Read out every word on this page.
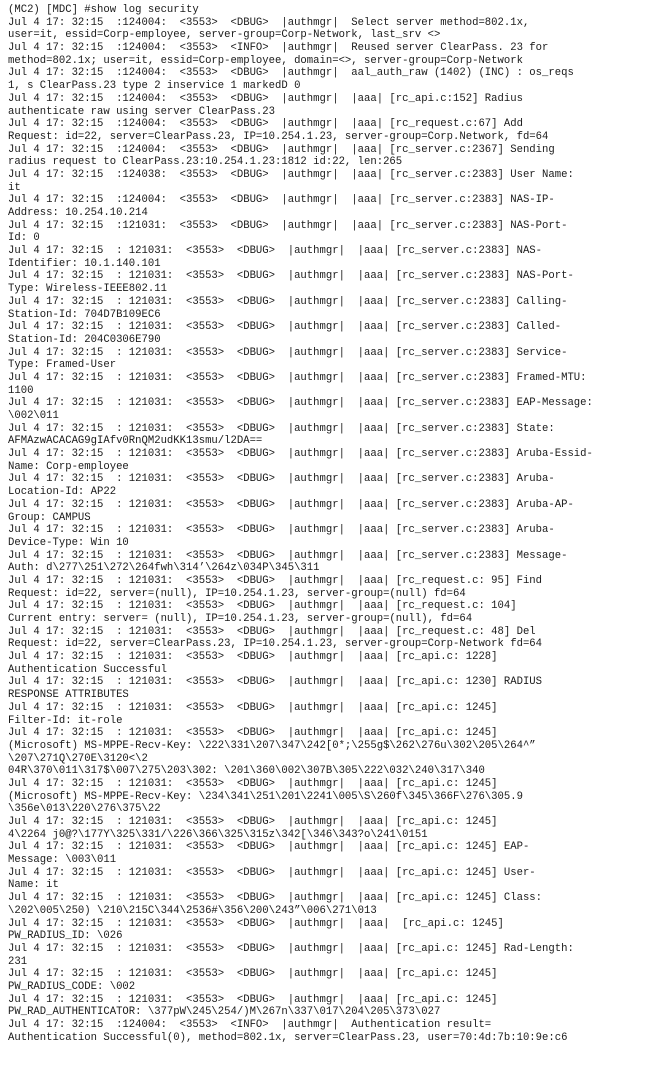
(MC2) [MDC] #show log security
Jul 4 17: 32:15  :124004:  <3553>  <DBUG>  |authmgr|  Select server method=802.1x,
user=it, essid=Corp-employee, server-group=Corp-Network, last_srv <>
Jul 4 17: 32:15  :124004:  <3553>  <INFO>  |authmgr|  Reused server ClearPass. 23 for
method=802.1x; user=it, essid=Corp-employee, domain=<>, server-group=Corp-Network
Jul 4 17: 32:15  :124004:  <3553>  <DBUG>  |authmgr|  aal_auth_raw (1402) (INC) : os_reqs
1, s ClearPass.23 type 2 inservice 1 markedD 0
Jul 4 17: 32:15  :124004:  <3553>  <DBUG>  |authmgr|  |aaa| [rc_api.c:152] Radius
authenticate raw using server ClearPass.23
Jul 4 17: 32:15  :124004:  <3553>  <DBUG>  |authmgr|  |aaa| [rc_request.c:67] Add
Request: id=22, server=ClearPass.23, IP=10.254.1.23, server-group=Corp.Network, fd=64
Jul 4 17: 32:15  :124004:  <3553>  <DBUG>  |authmgr|  |aaa| [rc_server.c:2367] Sending
radius request to ClearPass.23:10.254.1.23:1812 id:22, len:265
Jul 4 17: 32:15  :124038:  <3553>  <DBUG>  |authmgr|  |aaa| [rc_server.c:2383] User Name:
it
Jul 4 17: 32:15  :124004:  <3553>  <DBUG>  |authmgr|  |aaa| [rc_server.c:2383] NAS-IP-
Address: 10.254.10.214
Jul 4 17: 32:15  :121031:  <3553>  <DBUG>  |authmgr|  |aaa| [rc_server.c:2383] NAS-Port-
Id: 0
Jul 4 17: 32:15  : 121031:  <3553>  <DBUG>  |authmgr|  |aaa| [rc_server.c:2383] NAS-
Identifier: 10.1.140.101
Jul 4 17: 32:15  : 121031:  <3553>  <DBUG>  |authmgr|  |aaa| [rc_server.c:2383] NAS-Port-
Type: Wireless-IEEE802.11
Jul 4 17: 32:15  : 121031:  <3553>  <DBUG>  |authmgr|  |aaa| [rc_server.c:2383] Calling-
Station-Id: 704D7B109EC6
Jul 4 17: 32:15  : 121031:  <3553>  <DBUG>  |authmgr|  |aaa| [rc_server.c:2383] Called-
Station-Id: 204C0306E790
Jul 4 17: 32:15  : 121031:  <3553>  <DBUG>  |authmgr|  |aaa| [rc_server.c:2383] Service-
Type: Framed-User
Jul 4 17: 32:15  : 121031:  <3553>  <DBUG>  |authmgr|  |aaa| [rc_server.c:2383] Framed-MTU:
1100
Jul 4 17: 32:15  : 121031:  <3553>  <DBUG>  |authmgr|  |aaa| [rc_server.c:2383] EAP-Message:
\002\011
Jul 4 17: 32:15  : 121031:  <3553>  <DBUG>  |authmgr|  |aaa| [rc_server.c:2383] State:
AFMAzwACACAG9gIAfv0RnQM2udKK13smu/l2DA==
Jul 4 17: 32:15  : 121031:  <3553>  <DBUG>  |authmgr|  |aaa| [rc_server.c:2383] Aruba-Essid-
Name: Corp-employee
Jul 4 17: 32:15  : 121031:  <3553>  <DBUG>  |authmgr|  |aaa| [rc_server.c:2383] Aruba-
Location-Id: AP22
Jul 4 17: 32:15  : 121031:  <3553>  <DBUG>  |authmgr|  |aaa| [rc_server.c:2383] Aruba-AP-
Group: CAMPUS
Jul 4 17: 32:15  : 121031:  <3553>  <DBUG>  |authmgr|  |aaa| [rc_server.c:2383] Aruba-
Device-Type: Win 10
Jul 4 17: 32:15  : 121031:  <3553>  <DBUG>  |authmgr|  |aaa| [rc_server.c:2383] Message-
Auth: d\277\251\272\264fwh\314’\264z\034P\345\311
Jul 4 17: 32:15  : 121031:  <3553>  <DBUG>  |authmgr|  |aaa| [rc_request.c: 95] Find
Request: id=22, server=(null), IP=10.254.1.23, server-group=(null) fd=64
Jul 4 17: 32:15  : 121031:  <3553>  <DBUG>  |authmgr|  |aaa| [rc_request.c: 104]
Current entry: server= (null), IP=10.254.1.23, server-group=(null), fd=64
Jul 4 17: 32:15  : 121031:  <3553>  <DBUG>  |authmgr|  |aaa| [rc_request.c: 48] Del
Request: id=22, server=ClearPass.23, IP=10.254.1.23, server-group=Corp-Network fd=64
Jul 4 17: 32:15  : 121031:  <3553>  <DBUG>  |authmgr|  |aaa| [rc_api.c: 1228]
Authentication Successful
Jul 4 17: 32:15  : 121031:  <3553>  <DBUG>  |authmgr|  |aaa| [rc_api.c: 1230] RADIUS
RESPONSE ATTRIBUTES
Jul 4 17: 32:15  : 121031:  <3553>  <DBUG>  |authmgr|  |aaa| [rc_api.c: 1245]
Filter-Id: it-role
Jul 4 17: 32:15  : 121031:  <3553>  <DBUG>  |authmgr|  |aaa| [rc_api.c: 1245]
(Microsoft) MS-MPPE-Recv-Key: \222\331\207\347\242[0*;\255g$\262\276u\302\205\264^”
\207\271Q\270E\3120<\2
04R\370\011\317$\007\275\203\302: \201\360\002\307B\305\222\032\240\317\340
Jul 4 17: 32:15  : 121031:  <3553>  <DBUG>  |authmgr|  |aaa| [rc_api.c: 1245]
(Microsoft) MS-MPPE-Recv-Key: \234\341\251\201\2241\005\S\260f\345\366F\276\305.9
\356e\013\220\276\375\22
Jul 4 17: 32:15  : 121031:  <3553>  <DBUG>  |authmgr|  |aaa| [rc_api.c: 1245]
4\2264 j0@?\177Y\325\331/\226\366\325\315z\342[\346\343?o\241\0151
Jul 4 17: 32:15  : 121031:  <3553>  <DBUG>  |authmgr|  |aaa| [rc_api.c: 1245] EAP-
Message: \003\011
Jul 4 17: 32:15  : 121031:  <3553>  <DBUG>  |authmgr|  |aaa| [rc_api.c: 1245] User-
Name: it
Jul 4 17: 32:15  : 121031:  <3553>  <DBUG>  |authmgr|  |aaa| [rc_api.c: 1245] Class:
\202\005\250) \210\215C\344\2536#\356\200\243”\006\271\013
Jul 4 17: 32:15  : 121031:  <3553>  <DBUG>  |authmgr|  |aaa|  [rc_api.c: 1245]
PW_RADIUS_ID: \026
Jul 4 17: 32:15  : 121031:  <3553>  <DBUG>  |authmgr|  |aaa| [rc_api.c: 1245] Rad-Length:
231
Jul 4 17: 32:15  : 121031:  <3553>  <DBUG>  |authmgr|  |aaa| [rc_api.c: 1245]
PW_RADIUS_CODE: \002
Jul 4 17: 32:15  : 121031:  <3553>  <DBUG>  |authmgr|  |aaa| [rc_api.c: 1245]
PW_RAD_AUTHENTICATOR: \377pW\245\254/)M\267n\337\017\204\205\373\027
Jul 4 17: 32:15  :124004:  <3553>  <INFO>  |authmgr|  Authentication result=
Authentication Successful(0), method=802.1x, server=ClearPass.23, user=70:4d:7b:10:9e:c6
